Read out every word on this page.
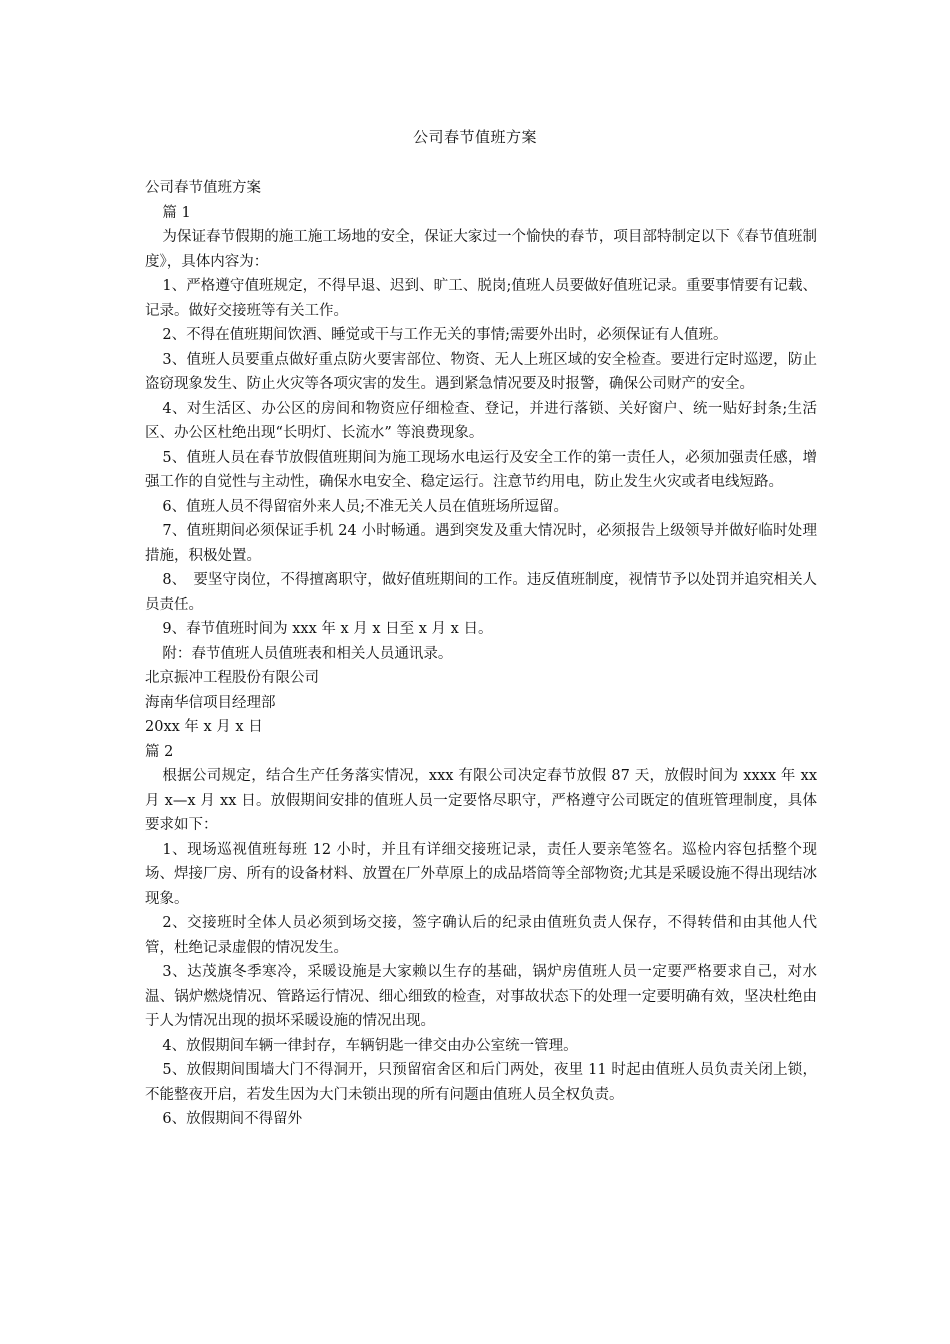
公司春节值班方案

公司春节值班方案

篇 1

为保证春节假期的施工施工场地的安全，保证大家过一个愉快的春节，项目部特制定以下《春节值班制度》，具体内容为：

1、严格遵守值班规定，不得早退、迟到、旷工、脱岗;值班人员要做好值班记录。重要事情要有记载、记录。做好交接班等有关工作。

2、不得在值班期间饮酒、睡觉或干与工作无关的事情;需要外出时，必须保证有人值班。

3、值班人员要重点做好重点防火要害部位、物资、无人上班区域的安全检查。要进行定时巡逻，防止盗窃现象发生、防止火灾等各项灾害的发生。遇到紧急情况要及时报警，确保公司财产的安全。

4、对生活区、办公区的房间和物资应仔细检查、登记，并进行落锁、关好窗户、统一贴好封条;生活区、办公区杜绝出现“长明灯、长流水” 等浪费现象。

5、值班人员在春节放假值班期间为施工现场水电运行及安全工作的第一责任人，必须加强责任感，增强工作的自觉性与主动性，确保水电安全、稳定运行。注意节约用电，防止发生火灾或者电线短路。

6、值班人员不得留宿外来人员;不准无关人员在值班场所逗留。

7、值班期间必须保证手机 24 小时畅通。遇到突发及重大情况时，必须报告上级领导并做好临时处理措施，积极处置。

8、　要坚守岗位，不得擅离职守，做好值班期间的工作。违反值班制度，视情节予以处罚并追究相关人员责任。

9、春节值班时间为 xxx 年 x 月 x 日至 x 月 x 日。

附：春节值班人员值班表和相关人员通讯录。

北京振冲工程股份有限公司

海南华信项目经理部

20xx 年 x 月 x 日

篇 2

根据公司规定，结合生产任务落实情况，xxx 有限公司决定春节放假 87 天，放假时间为 xxxx 年 xx 月 x—x 月 xx 日。放假期间安排的值班人员一定要恪尽职守，严格遵守公司既定的值班管理制度，具体要求如下：

1、现场巡视值班每班 12 小时，并且有详细交接班记录，责任人要亲笔签名。巡检内容包括整个现场、焊接厂房、所有的设备材料、放置在厂外草原上的成品塔筒等全部物资;尤其是采暖设施不得出现结冰现象。

2、交接班时全体人员必须到场交接，签字确认后的纪录由值班负责人保存，不得转借和由其他人代管，杜绝记录虚假的情况发生。

3、达茂旗冬季寒冷，采暖设施是大家赖以生存的基础，锅炉房值班人员一定要严格要求自己，对水温、锅炉燃烧情况、管路运行情况、细心细致的检查，对事故状态下的处理一定要明确有效，坚决杜绝由于人为情况出现的损坏采暖设施的情况出现。

4、放假期间车辆一律封存，车辆钥匙一律交由办公室统一管理。

5、放假期间围墙大门不得洞开，只预留宿舍区和后门两处，夜里 11 时起由值班人员负责关闭上锁，不能整夜开启，若发生因为大门未锁出现的所有问题由值班人员全权负责。

6、放假期间不得留外
